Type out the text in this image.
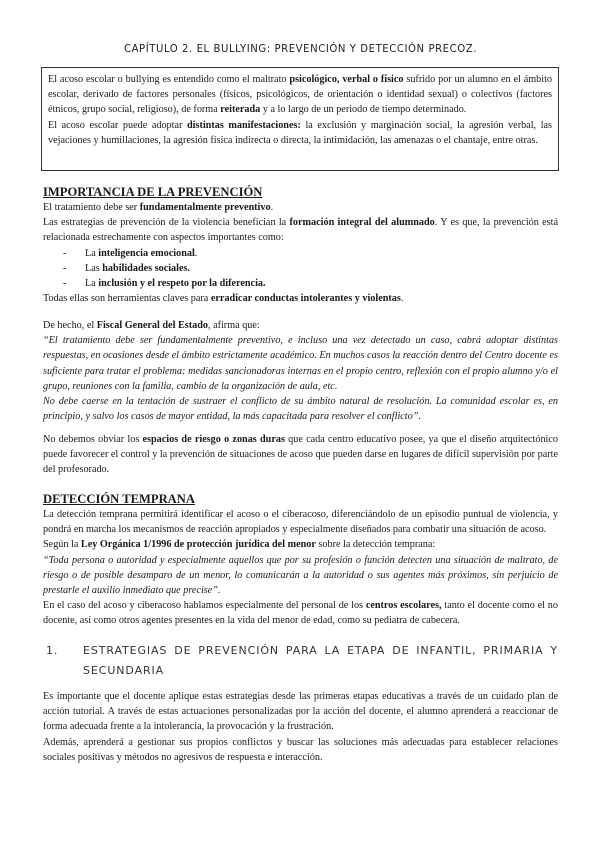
CAPÍTULO 2. EL BULLYING: PREVENCIÓN Y DETECCIÓN PRECOZ.

El acoso escolar o bullying es entendido como el maltrato psicológico, verbal o físico sufrido por un alumno en el ámbito escolar, derivado de factores personales (físicos, psicológicos, de orientación o identidad sexual) o colectivos (factores étnicos, grupo social, religioso), de forma reiterada y a lo largo de un periodo de tiempo determinado.

El acoso escolar puede adoptar distintas manifestaciones: la exclusión y marginación social, la agresión verbal, las vejaciones y humillaciones, la agresión física indirecta o directa, la intimidación, las amenazas o el chantaje, entre otras.

IMPORTANCIA DE LA PREVENCIÓN

El tratamiento debe ser fundamentalmente preventivo.

Las estrategias de prevención de la violencia benefician la formación integral del alumnado. Y es que, la prevención está relacionada estrechamente con aspectos importantes como:

- La inteligencia emocional.
- Las habilidades sociales.
- La inclusión y el respeto por la diferencia.

Todas ellas son herramientas claves para erradicar conductas intolerantes y violentas.

De hecho, el Fiscal General del Estado, afirma que:

“El tratamiento debe ser fundamentalmente preventivo, e incluso una vez detectado un caso, cabrá adoptar distintas respuestas, en ocasiones desde el ámbito estrictamente académico. En muchos casos la reacción dentro del Centro docente es suficiente para tratar el problema: medidas sancionadoras internas en el propio centro, reflexión con el propio alumno y/o el grupo, reuniones con la familia, cambio de la organización de aula, etc.

No debe caerse en la tentación de sustraer el conflicto de su ámbito natural de resolución. La comunidad escolar es, en principio, y salvo los casos de mayor entidad, la más capacitada para resolver el conflicto”.

No debemos obviar los espacios de riesgo o zonas duras que cada centro educativo posee, ya que el diseño arquitectónico puede favorecer el control y la prevención de situaciones de acoso que pueden darse en lugares de difícil supervisión por parte del profesorado.

DETECCIÓN TEMPRANA

La detección temprana permitirá identificar el acoso o el ciberacoso, diferenciándolo de un episodio puntual de violencia, y pondrá en marcha los mecanismos de reacción apropiados y especialmente diseñados para combatir una situación de acoso.

Según la Ley Orgánica 1/1996 de protección jurídica del menor sobre la detección temprana:

“Toda persona o autoridad y especialmente aquellos que por su profesión o función detecten una situación de maltrato, de riesgo o de posible desamparo de un menor, lo comunicarán a la autoridad o sus agentes más próximos, sin perjuicio de prestarle el auxilio inmediato que precise”.

En el caso del acoso y ciberacoso hablamos especialmente del personal de los centros escolares, tanto el docente como el no docente, así como otros agentes presentes en la vida del menor de edad, como su pediatra de cabecera.

1.	ESTRATEGIAS DE PREVENCIÓN PARA LA ETAPA DE INFANTIL, PRIMARIA Y SECUNDARIA

Es importante que el docente aplique estas estrategias desde las primeras etapas educativas a través de un cuidado plan de acción tutorial. A través de estas actuaciones personalizadas por la acción del docente, el alumno aprenderá a reaccionar de forma adecuada frente a la intolerancia, la provocación y la frustración.

Además, aprenderá a gestionar sus propios conflictos y buscar las soluciones más adecuadas para establecer relaciones sociales positivas y métodos no agresivos de respuesta e interacción.
